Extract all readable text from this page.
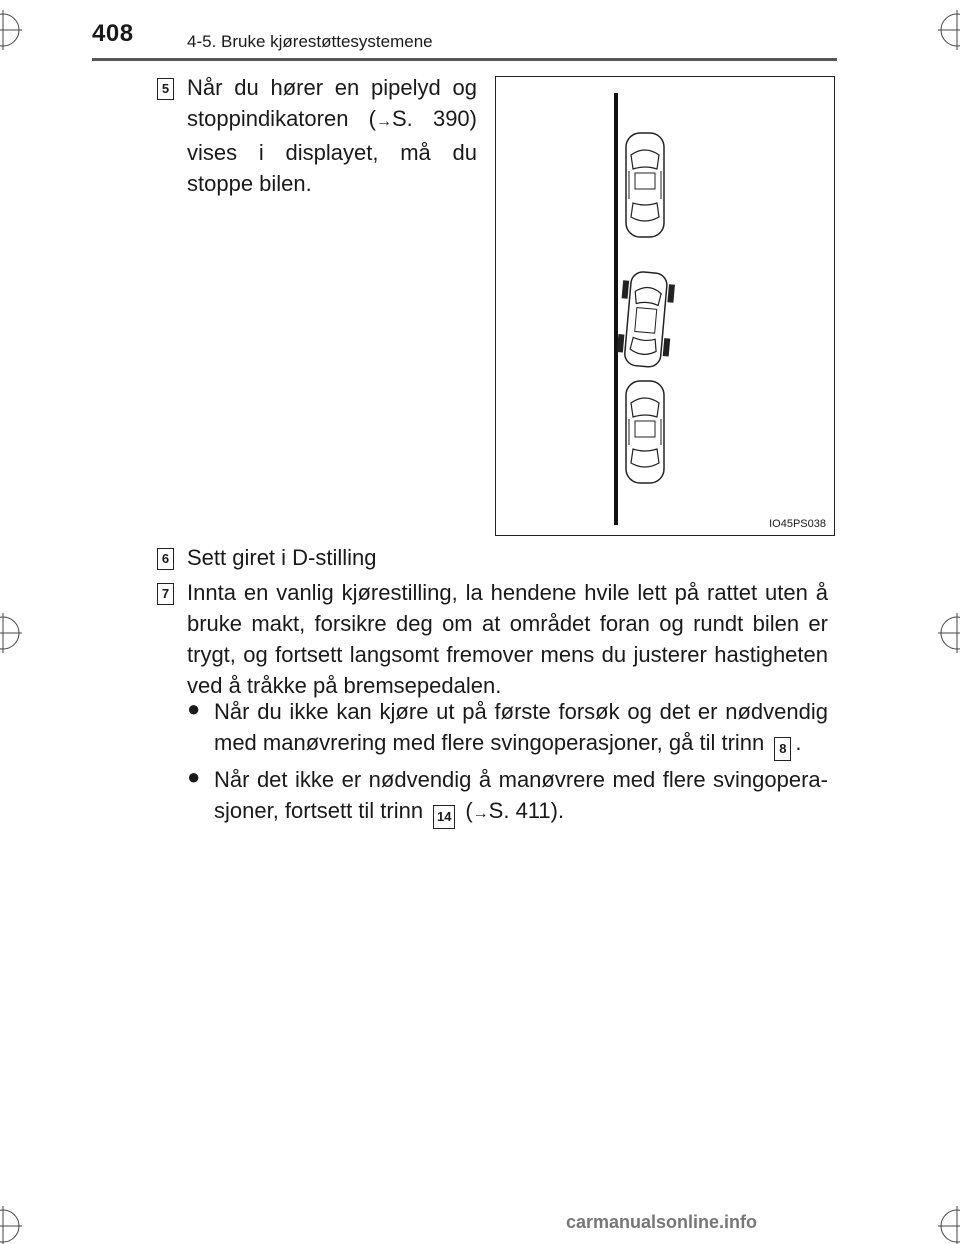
408	4-5. Bruke kjørestøttesystemene
5 Når du hører en pipelyd og
stoppindikatoren (→S. 390)
vises i displayet, må du
stoppe bilen.
IO45PS038
6 Sett giret i D-stilling
7 Innta en vanlig kjørestilling, la hendene hvile lett på rattet uten å
bruke makt, forsikre deg om at området foran og rundt bilen er
trygt, og fortsett langsomt fremover mens du justerer hastigheten
ved å tråkke på bremsepedalen.
● Når du ikke kan kjøre ut på første forsøk og det er nødvendig
med manøvrering med flere svingoperasjoner, gå til trinn 8 .
● Når det ikke er nødvendig å manøvrere med flere svingopera-
sjoner, fortsett til trinn 14 (→S. 411).
carmanualsonline.info
